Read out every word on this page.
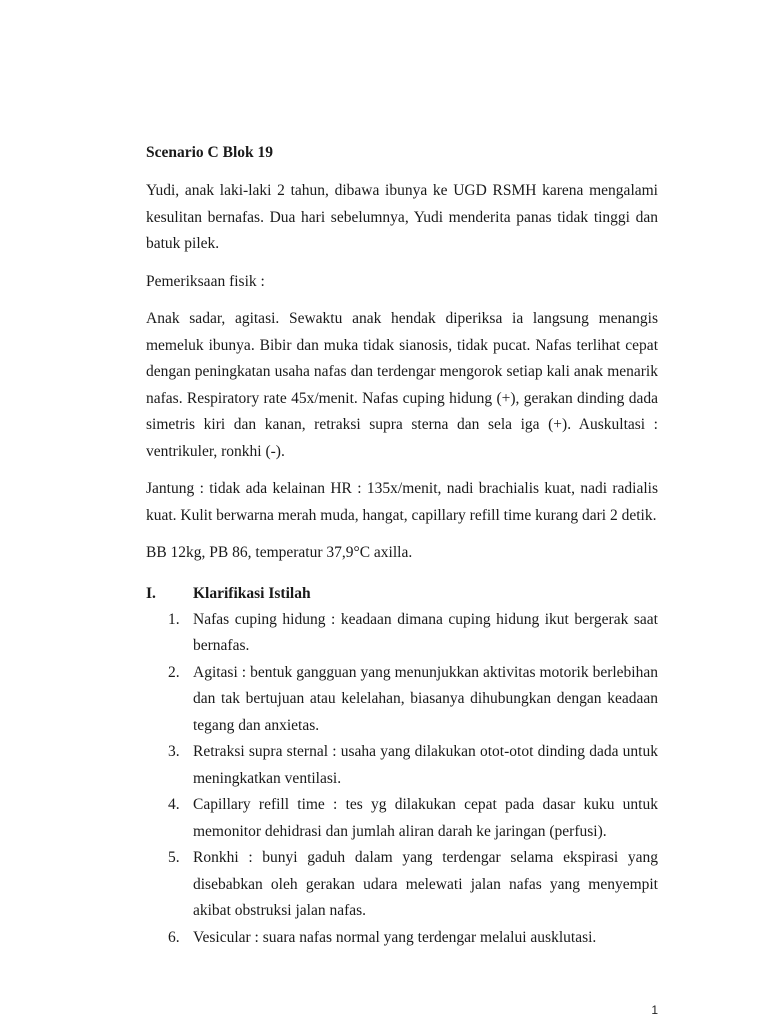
Scenario C Blok 19

Yudi, anak laki-laki 2 tahun, dibawa ibunya ke UGD RSMH karena mengalami kesulitan bernafas. Dua hari sebelumnya, Yudi menderita panas tidak tinggi dan batuk pilek.

Pemeriksaan fisik :

Anak sadar, agitasi. Sewaktu anak hendak diperiksa ia langsung menangis memeluk ibunya. Bibir dan muka tidak sianosis, tidak pucat. Nafas terlihat cepat dengan peningkatan usaha nafas dan terdengar mengorok setiap kali anak menarik nafas. Respiratory rate 45x/menit. Nafas cuping hidung (+), gerakan dinding dada simetris kiri dan kanan, retraksi supra sterna dan sela iga (+). Auskultasi : ventrikuler, ronkhi (-).

Jantung : tidak ada kelainan HR : 135x/menit, nadi brachialis kuat, nadi radialis kuat. Kulit berwarna merah muda, hangat, capillary refill time kurang dari 2 detik.

BB 12kg, PB 86, temperatur 37,9°C axilla.

I. Klarifikasi Istilah
1. Nafas cuping hidung : keadaan dimana cuping hidung ikut bergerak saat bernafas.
2. Agitasi : bentuk gangguan yang menunjukkan aktivitas motorik berlebihan dan tak bertujuan atau kelelahan, biasanya dihubungkan dengan keadaan tegang dan anxietas.
3. Retraksi supra sternal : usaha yang dilakukan otot-otot dinding dada untuk meningkatkan ventilasi.
4. Capillary refill time : tes yg dilakukan cepat pada dasar kuku untuk memonitor dehidrasi dan jumlah aliran darah ke jaringan (perfusi).
5. Ronkhi : bunyi gaduh dalam yang terdengar selama ekspirasi yang disebabkan oleh gerakan udara melewati jalan nafas yang menyempit akibat obstruksi jalan nafas.
6. Vesicular : suara nafas normal yang terdengar melalui ausklutasi.
1
